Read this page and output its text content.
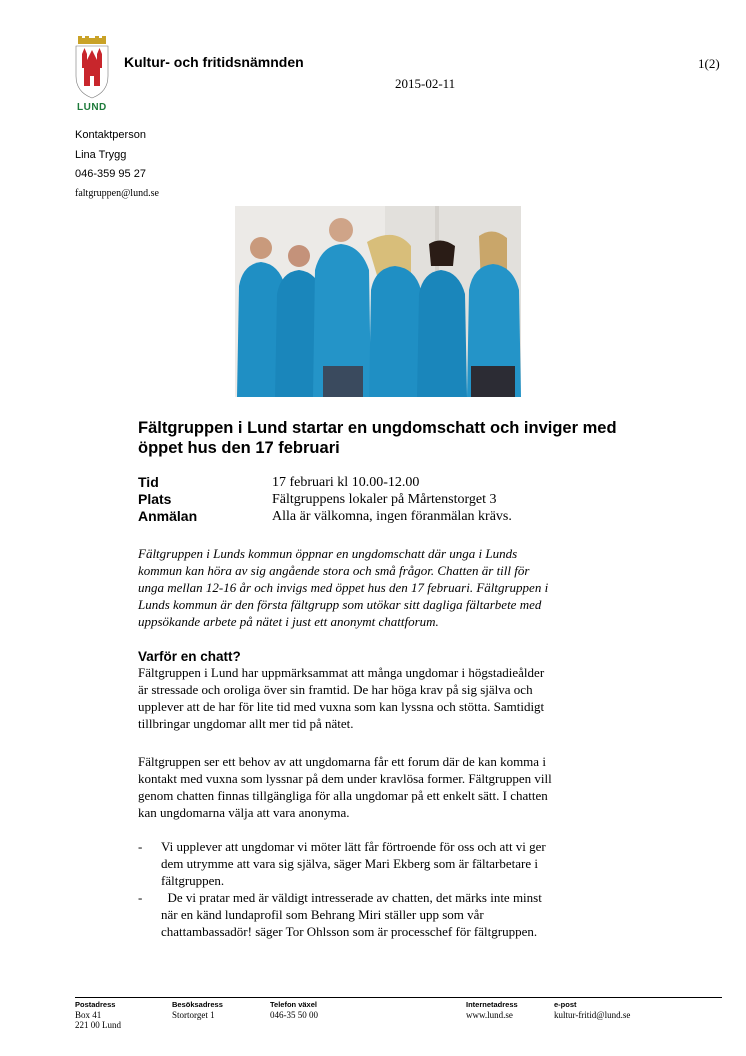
LUND
Kultur- och fritidsnämnden	1(2)
2015-02-11
Kontaktperson
Lina Trygg
046-359 95 27
faltgruppen@lund.se
Fältgruppen i Lund startar en ungdomschatt och inviger med öppet hus den 17 februari
Tid	17 februari kl 10.00-12.00
Plats	Fältgruppens lokaler på Mårtenstorget 3
Anmälan	Alla är välkomna, ingen föranmälan krävs.
Fältgruppen i Lunds kommun öppnar en ungdomschatt där unga i Lunds
kommun kan höra av sig angående stora och små frågor. Chatten är till för
unga mellan 12-16 år och invigs med öppet hus den 17 februari. Fältgruppen i
Lunds kommun är den första fältgrupp som utökar sitt dagliga fältarbete med
uppsökande arbete på nätet i just ett anonymt chattforum.
Varför en chatt?
Fältgruppen i Lund har uppmärksammat att många ungdomar i högstadieålder
är stressade och oroliga över sin framtid. De har höga krav på sig själva och
upplever att de har för lite tid med vuxna som kan lyssna och stötta. Samtidigt
tillbringar ungdomar allt mer tid på nätet.
Fältgruppen ser ett behov av att ungdomarna får ett forum där de kan komma i
kontakt med vuxna som lyssnar på dem under kravlösa former. Fältgruppen vill
genom chatten finnas tillgängliga för alla ungdomar på ett enkelt sätt. I chatten
kan ungdomarna välja att vara anonyma.
- Vi upplever att ungdomar vi möter lätt får förtroende för oss och att vi ger
dem utrymme att vara sig själva, säger Mari Ekberg som är fältarbetare i
fältgruppen.
- De vi pratar med är väldigt intresserade av chatten, det märks inte minst
när en känd lundaprofil som Behrang Miri ställer upp som vår
chattambassadör! säger Tor Ohlsson som är processchef för fältgruppen.
Postadress
Box 41
221 00 Lund
Besöksadress
Stortorget 1
Telefon växel
046-35 50 00
Internetadress
www.lund.se
e-post
kultur-fritid@lund.se
